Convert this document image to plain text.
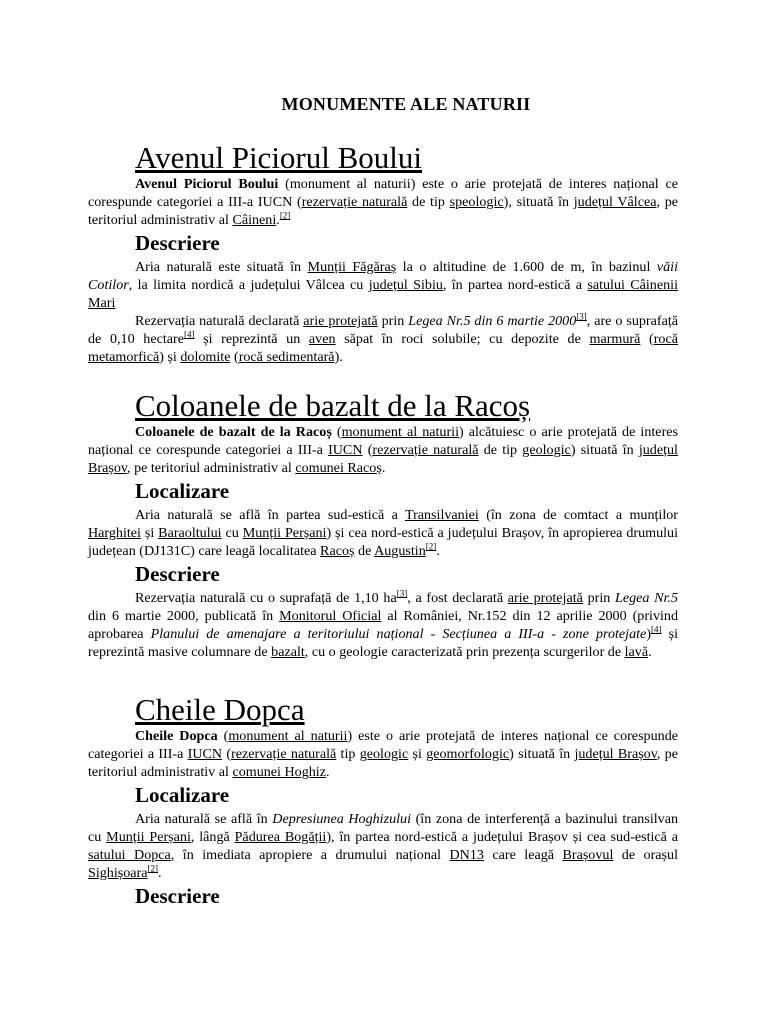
MONUMENTE ALE NATURII
Avenul Piciorul Boului

Avenul Piciorul Boului (monument al naturii) este o arie protejată de interes național ce corespunde categoriei a III-a IUCN (rezervație naturală de tip speologic), situată în județul Vâlcea, pe teritoriul administrativ al Câineni.[2]

Descriere

Aria naturală este situată în Munții Făgăraș la o altitudine de 1.600 de m, în bazinul văii Cotilor, la limita nordică a județului Vâlcea cu județul Sibiu, în partea nord-estică a satului Câinenii Mari

Rezervația naturală declarată arie protejată prin Legea Nr.5 din 6 martie 2000[3], are o suprafață de 0,10 hectare[4] și reprezintă un aven săpat în roci solubile; cu depozite de marmură (rocă metamorfică) și dolomite (rocă sedimentară).

Coloanele de bazalt de la Racoș

Coloanele de bazalt de la Racoș (monument al naturii) alcătuiesc o arie protejată de interes național ce corespunde categoriei a III-a IUCN (rezervație naturală de tip geologic) situată în județul Brașov, pe teritoriul administrativ al comunei Racoș.

Localizare

Aria naturală se află în partea sud-estică a Transilvaniei (în zona de comtact a munților Harghitei și Baraoltului cu Munții Perșani) și cea nord-estică a județului Brașov, în apropierea drumului județean (DJ131C) care leagă localitatea Racoș de Augustin[2].

Descriere

Rezervația naturală cu o suprafață de 1,10 ha[3], a fost declarată arie protejată prin Legea Nr.5 din 6 martie 2000, publicată în Monitorul Oficial al României, Nr.152 din 12 aprilie 2000 (privind aprobarea Planului de amenajare a teritoriului național - Secțiunea a III-a - zone protejate)[4] și reprezintă masive columnare de bazalt, cu o geologie caracterizată prin prezența scurgerilor de lavă.

Cheile Dopca

Cheile Dopca (monument al naturii) este o arie protejată de interes național ce corespunde categoriei a III-a IUCN (rezervație naturală tip geologic și geomorfologic) situată în județul Brașov, pe teritoriul administrativ al comunei Hoghiz.

Localizare

Aria naturală se află în Depresiunea Hoghizului (în zona de interferență a bazinului transilvan cu Munții Perșani, lângă Pădurea Bogății), în partea nord-estică a județului Brașov și cea sud-estică a satului Dopca, în imediata apropiere a drumului național DN13 care leagă Brașovul de orașul Sighișoara[2].

Descriere
